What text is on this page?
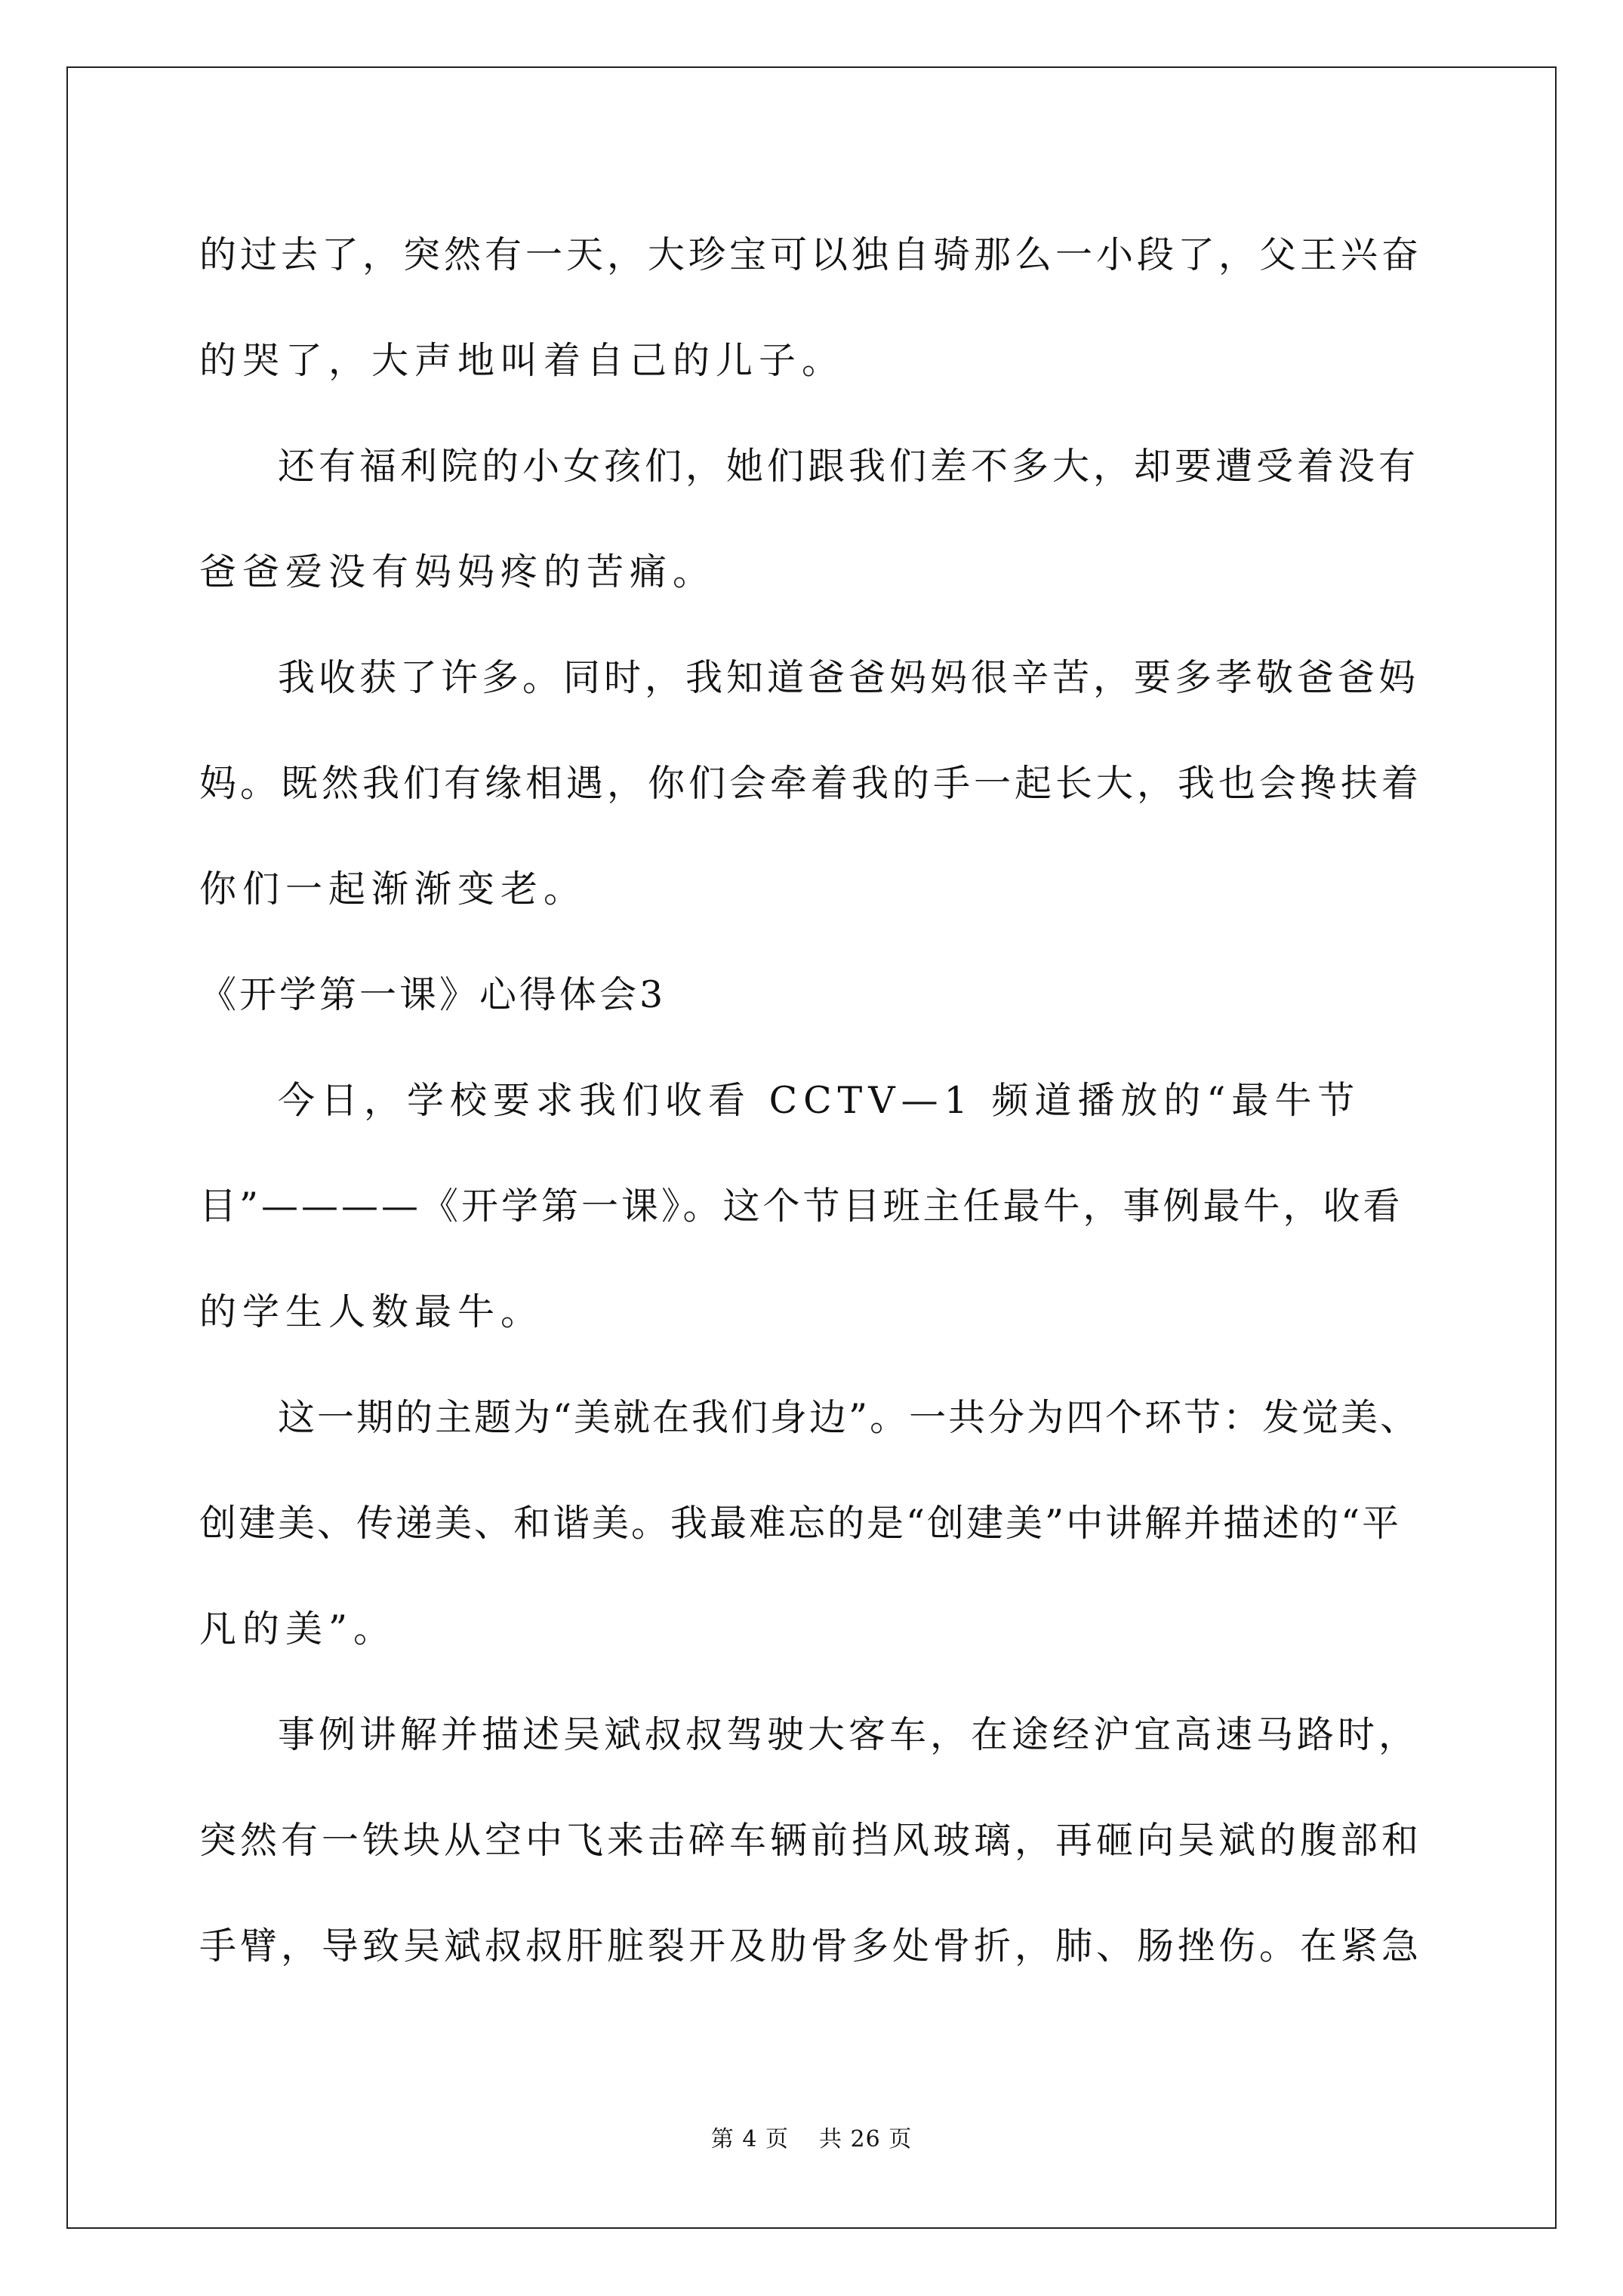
的过去了，突然有一天，大珍宝可以独自骑那么一小段了，父王兴奋
的哭了，大声地叫着自己的儿子。
还有福利院的小女孩们，她们跟我们差不多大，却要遭受着没有
爸爸爱没有妈妈疼的苦痛。
我收获了许多。同时，我知道爸爸妈妈很辛苦，要多孝敬爸爸妈
妈。既然我们有缘相遇，你们会牵着我的手一起长大，我也会搀扶着
你们一起渐渐变老。
《开学第一课》心得体会3
今日，学校要求我们收看 CCTV—1 频道播放的“最牛节
目”————《开学第一课》。这个节目班主任最牛，事例最牛，收看
的学生人数最牛。
这一期的主题为“美就在我们身边”。一共分为四个环节：发觉美、
创建美、传递美、和谐美。我最难忘的是“创建美”中讲解并描述的“平
凡的美”。
事例讲解并描述吴斌叔叔驾驶大客车，在途经沪宜高速马路时，
突然有一铁块从空中飞来击碎车辆前挡风玻璃，再砸向吴斌的腹部和
手臂，导致吴斌叔叔肝脏裂开及肋骨多处骨折，肺、肠挫伤。在紧急
第 4 页 共 26 页
